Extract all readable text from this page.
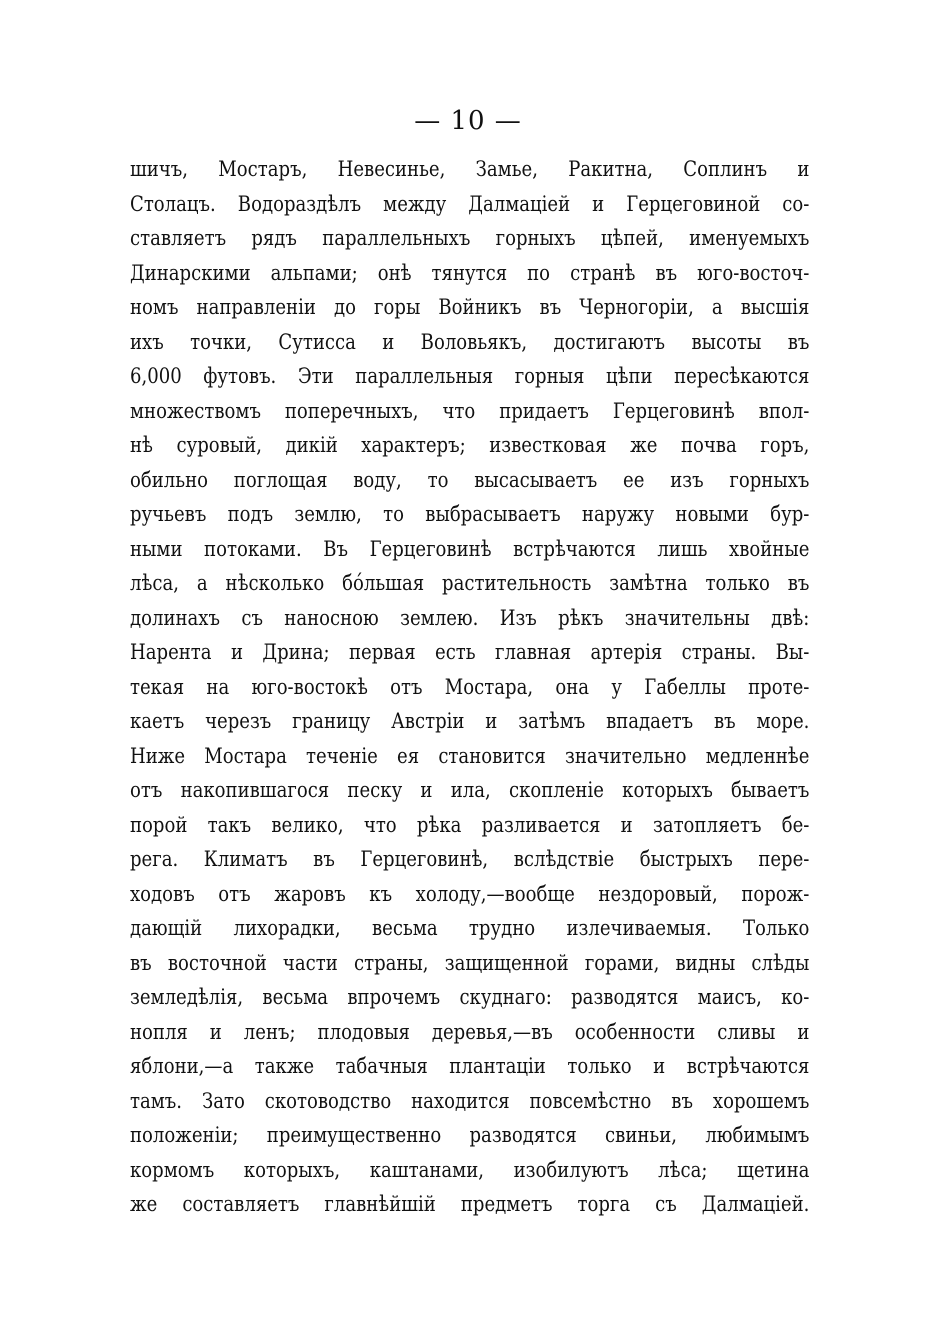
— 10 —
шичъ, Мостаръ, Невесинье, Замье, Ракитна, Соплинъ и
Столацъ. Водораздѣлъ между Далмаціей и Герцеговиной со-
ставляетъ рядъ параллельныхъ горныхъ цѣпей, именуемыхъ
Динарскими альпами; онѣ тянутся по странѣ въ юго-восточ-
номъ направленіи до горы Войникъ въ Черногоріи, а высшія
ихъ точки, Сутисса и Воловьякъ, достигаютъ высоты въ
6,000 футовъ. Эти параллельныя горныя цѣпи пересѣкаются
множествомъ поперечныхъ, что придаетъ Герцеговинѣ впол-
нѣ суровый, дикій характеръ; известковая же почва горъ,
обильно поглощая воду, то высасываетъ ее изъ горныхъ
ручьевъ подъ землю, то выбрасываетъ наружу новыми бур-
ными потоками. Въ Герцеговинѣ встрѣчаются лишь хвойные
лѣса, а нѣсколько бо́льшая растительность замѣтна только въ
долинахъ съ наносною землею. Изъ рѣкъ значительны двѣ:
Нарента и Дрина; первая есть главная артерія страны. Вы-
текая на юго-востокѣ отъ Мостара, она у Габеллы проте-
каетъ черезъ границу Австріи и затѣмъ впадаетъ въ море.
Ниже Мостара теченіе ея становится значительно медленнѣе
отъ накопившагося песку и ила, скопленіе которыхъ бываетъ
порой такъ велико, что рѣка разливается и затопляетъ бе-
рега. Климатъ въ Герцеговинѣ, вслѣдствіе быстрыхъ пере-
ходовъ отъ жаровъ къ холоду,—вообще нездоровый, порож-
дающій лихорадки, весьма трудно излечиваемыя. Только
въ восточной части страны, защищенной горами, видны слѣды
земледѣлія, весьма впрочемъ скуднаго: разводятся маисъ, ко-
нопля и ленъ; плодовыя деревья,—въ особенности сливы и
яблони,—а также табачныя плантаціи только и встрѣчаются
тамъ. Зато скотоводство находится повсемѣстно въ хорошемъ
положеніи; преимущественно разводятся свиньи, любимымъ
кормомъ которыхъ, каштанами, изобилуютъ лѣса; щетина
же составляетъ главнѣйшій предметъ торга съ Далмаціей.
